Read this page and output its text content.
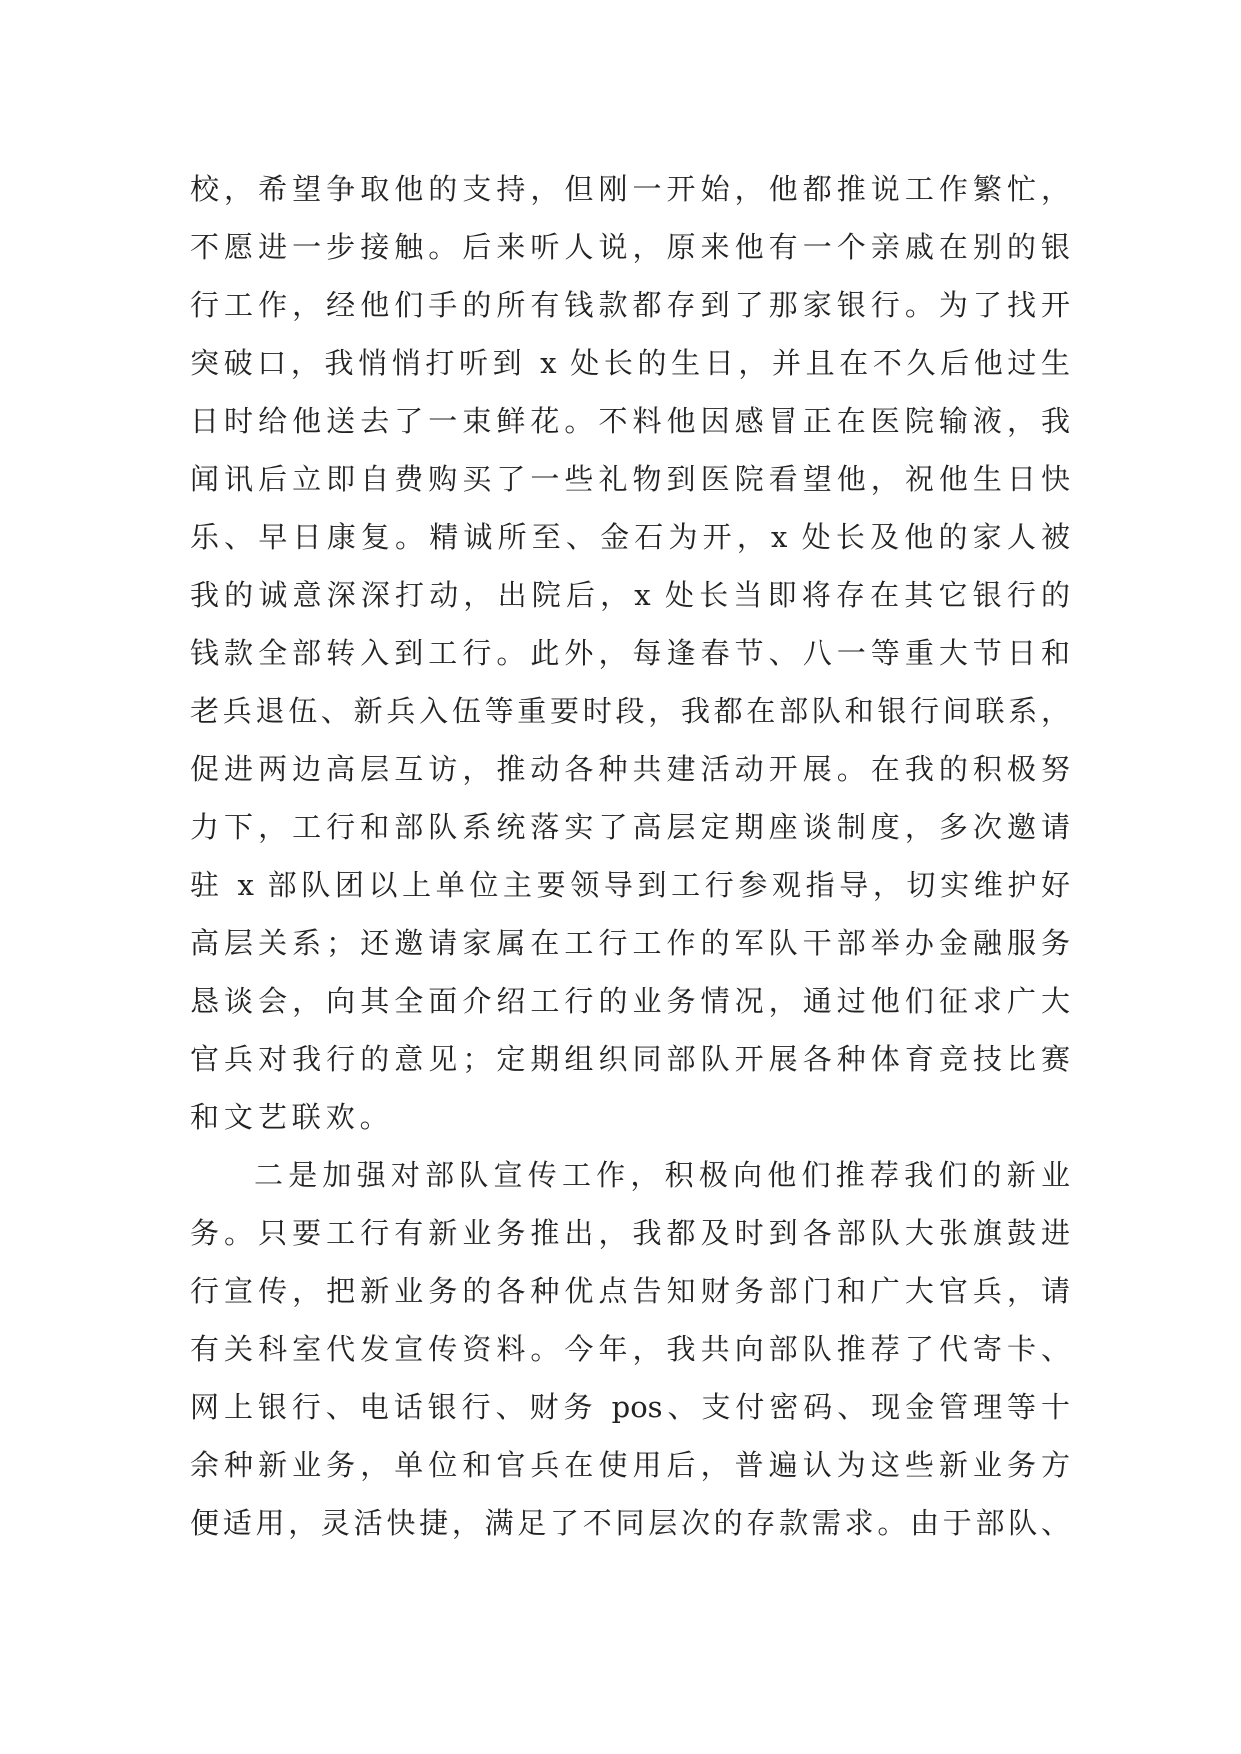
校，希望争取他的支持，但刚一开始，他都推说工作繁忙，
不愿进一步接触。后来听人说，原来他有一个亲戚在别的银
行工作，经他们手的所有钱款都存到了那家银行。为了找开
突破口，我悄悄打听到 x 处长的生日，并且在不久后他过生
日时给他送去了一束鲜花。不料他因感冒正在医院输液，我
闻讯后立即自费购买了一些礼物到医院看望他，祝他生日快
乐、早日康复。精诚所至、金石为开，x 处长及他的家人被
我的诚意深深打动，出院后，x 处长当即将存在其它银行的
钱款全部转入到工行。此外，每逢春节、八一等重大节日和
老兵退伍、新兵入伍等重要时段，我都在部队和银行间联系，
促进两边高层互访，推动各种共建活动开展。在我的积极努
力下，工行和部队系统落实了高层定期座谈制度，多次邀请
驻 x 部队团以上单位主要领导到工行参观指导，切实维护好
高层关系；还邀请家属在工行工作的军队干部举办金融服务
恳谈会，向其全面介绍工行的业务情况，通过他们征求广大
官兵对我行的意见；定期组织同部队开展各种体育竞技比赛
和文艺联欢。
二是加强对部队宣传工作，积极向他们推荐我们的新业
务。只要工行有新业务推出，我都及时到各部队大张旗鼓进
行宣传，把新业务的各种优点告知财务部门和广大官兵，请
有关科室代发宣传资料。今年，我共向部队推荐了代寄卡、
网上银行、电话银行、财务 pos、支付密码、现金管理等十
余种新业务，单位和官兵在使用后，普遍认为这些新业务方
便适用，灵活快捷，满足了不同层次的存款需求。由于部队、
